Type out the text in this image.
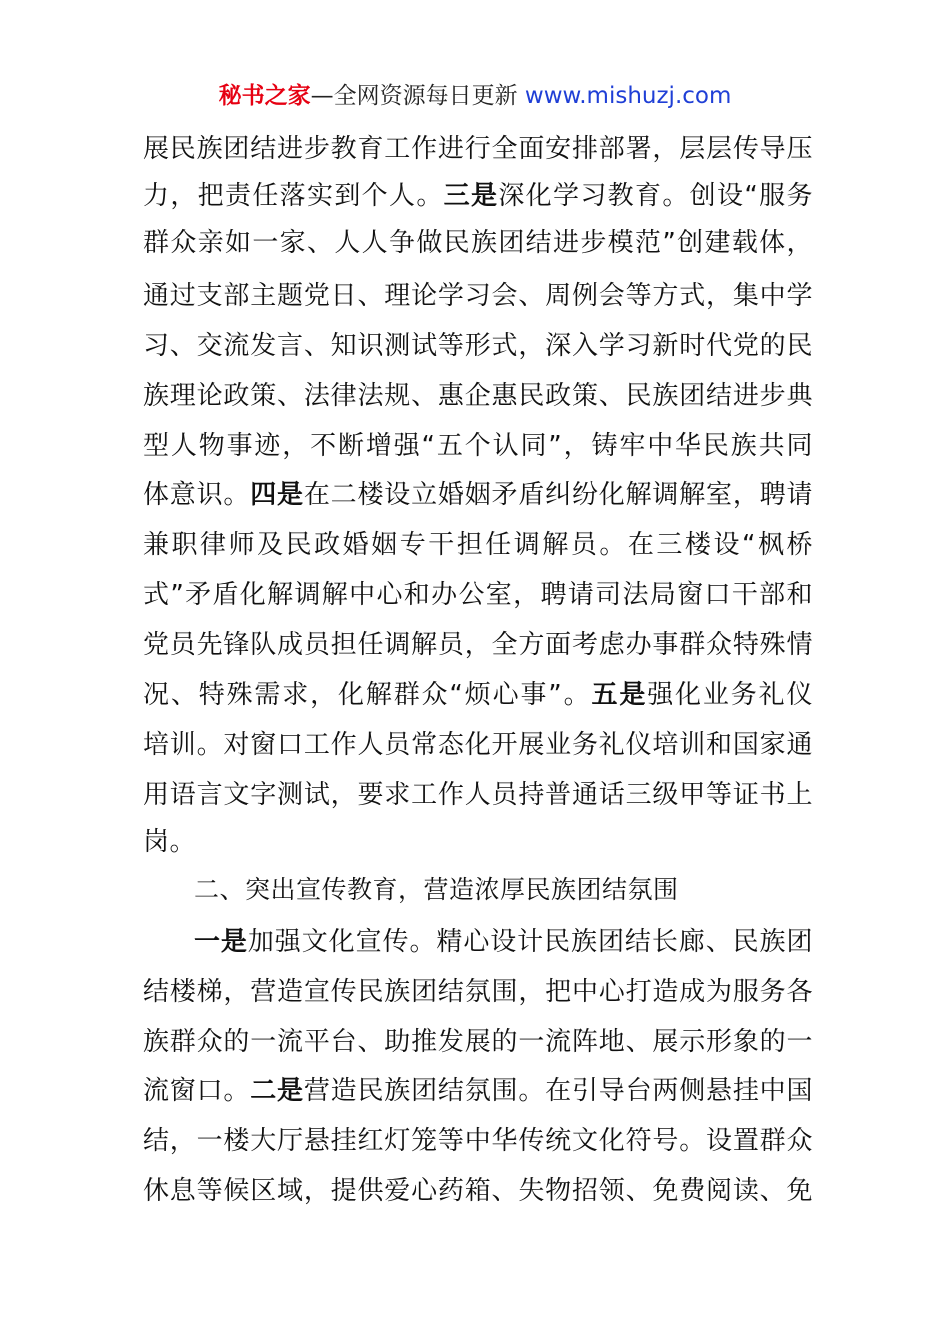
秘书之家—全网资源每日更新 www.mishuzj.com
展民族团结进步教育工作进行全面安排部署，层层传导压
力，把责任落实到个人。三是深化学习教育。创设“服务
群众亲如一家、人人争做民族团结进步模范”创建载体，
通过支部主题党日、理论学习会、周例会等方式，集中学
习、交流发言、知识测试等形式，深入学习新时代党的民
族理论政策、法律法规、惠企惠民政策、民族团结进步典
型人物事迹，不断增强“五个认同”，铸牢中华民族共同
体意识。四是在二楼设立婚姻矛盾纠纷化解调解室，聘请
兼职律师及民政婚姻专干担任调解员。在三楼设“枫桥
式”矛盾化解调解中心和办公室，聘请司法局窗口干部和
党员先锋队成员担任调解员，全方面考虑办事群众特殊情
况、特殊需求，化解群众“烦心事”。五是强化业务礼仪
培训。对窗口工作人员常态化开展业务礼仪培训和国家通
用语言文字测试，要求工作人员持普通话三级甲等证书上
岗。
二、突出宣传教育，营造浓厚民族团结氛围
一是加强文化宣传。精心设计民族团结长廊、民族团
结楼梯，营造宣传民族团结氛围，把中心打造成为服务各
族群众的一流平台、助推发展的一流阵地、展示形象的一
流窗口。二是营造民族团结氛围。在引导台两侧悬挂中国
结，一楼大厅悬挂红灯笼等中华传统文化符号。设置群众
休息等候区域，提供爱心药箱、失物招领、免费阅读、免
